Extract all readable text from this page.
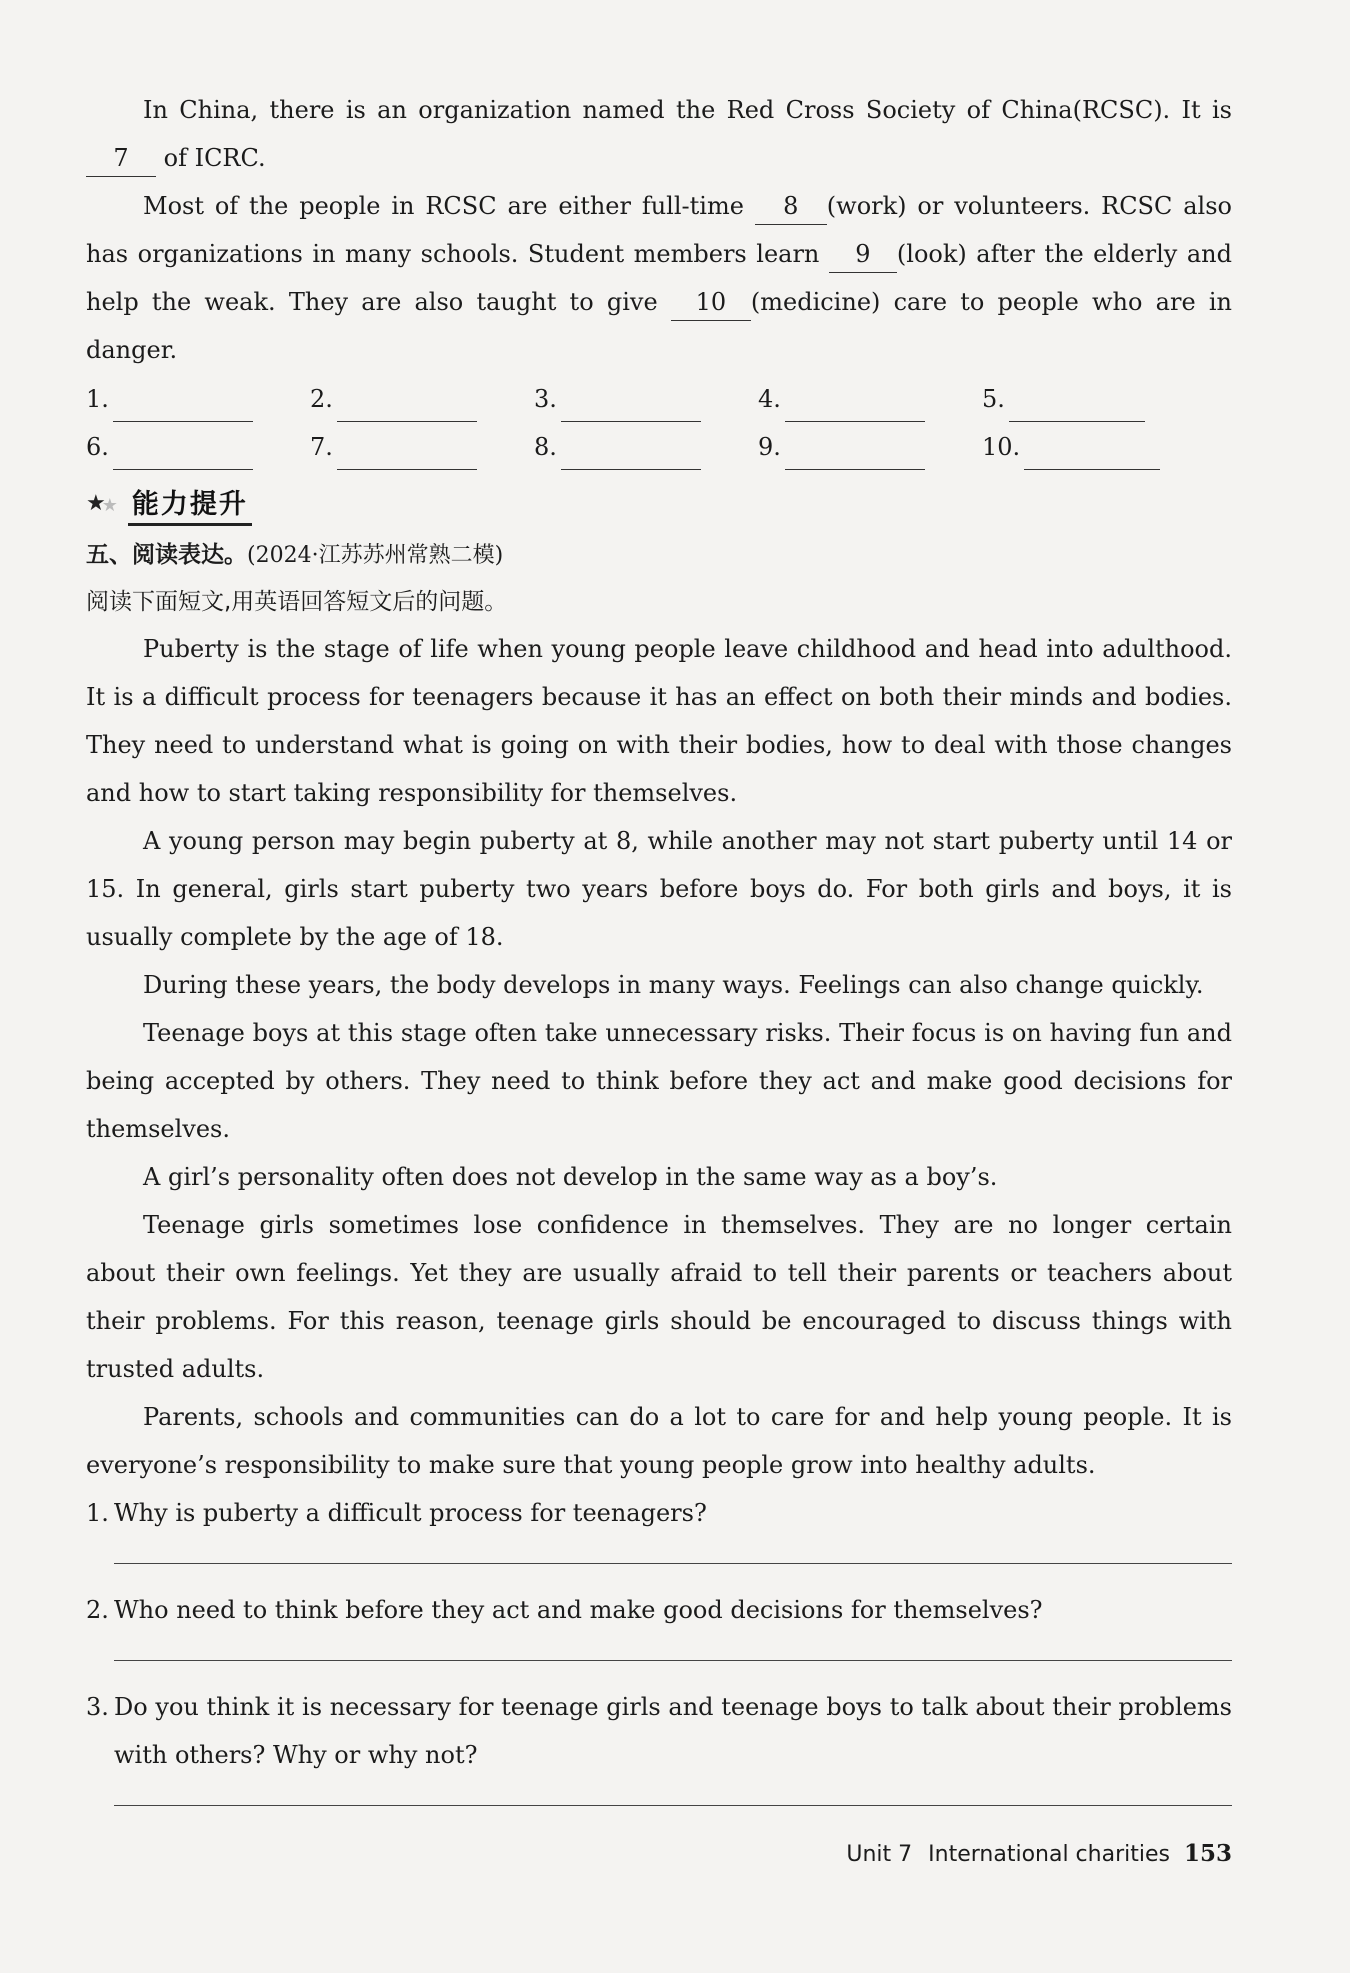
In China, there is an organization named the Red Cross Society of China(RCSC). It is 7 of ICRC.

Most of the people in RCSC are either full-time 8 (work) or volunteers. RCSC also has organizations in many schools. Student members learn 9 (look) after the elderly and help the weak. They are also taught to give 10 (medicine) care to people who are in danger.

1.	2.	3.	4.	5.
6.	7.	8.	9.	10.
★
★ 能力提升

五、阅读表达。(2024·江苏苏州常熟二模)

阅读下面短文,用英语回答短文后的问题。

Puberty is the stage of life when young people leave childhood and head into adulthood. It is a difficult process for teenagers because it has an effect on both their minds and bodies. They need to understand what is going on with their bodies, how to deal with those changes and how to start taking responsibility for themselves.

A young person may begin puberty at 8, while another may not start puberty until 14 or 15. In general, girls start puberty two years before boys do. For both girls and boys, it is usually complete by the age of 18.

During these years, the body develops in many ways. Feelings can also change quickly.

Teenage boys at this stage often take unnecessary risks. Their focus is on having fun and being accepted by others. They need to think before they act and make good decisions for themselves.

A girl’s personality often does not develop in the same way as a boy’s.

Teenage girls sometimes lose confidence in themselves. They are no longer certain about their own feelings. Yet they are usually afraid to tell their parents or teachers about their problems. For this reason, teenage girls should be encouraged to discuss things with trusted adults.

Parents, schools and communities can do a lot to care for and help young people. It is everyone’s responsibility to make sure that young people grow into healthy adults.

1. Why is puberty a difficult process for teenagers?
2. Who need to think before they act and make good decisions for themselves?
3. Do you think it is necessary for teenage girls and teenage boys to talk about their problems with others? Why or why not?
Unit 7 International charities 153
